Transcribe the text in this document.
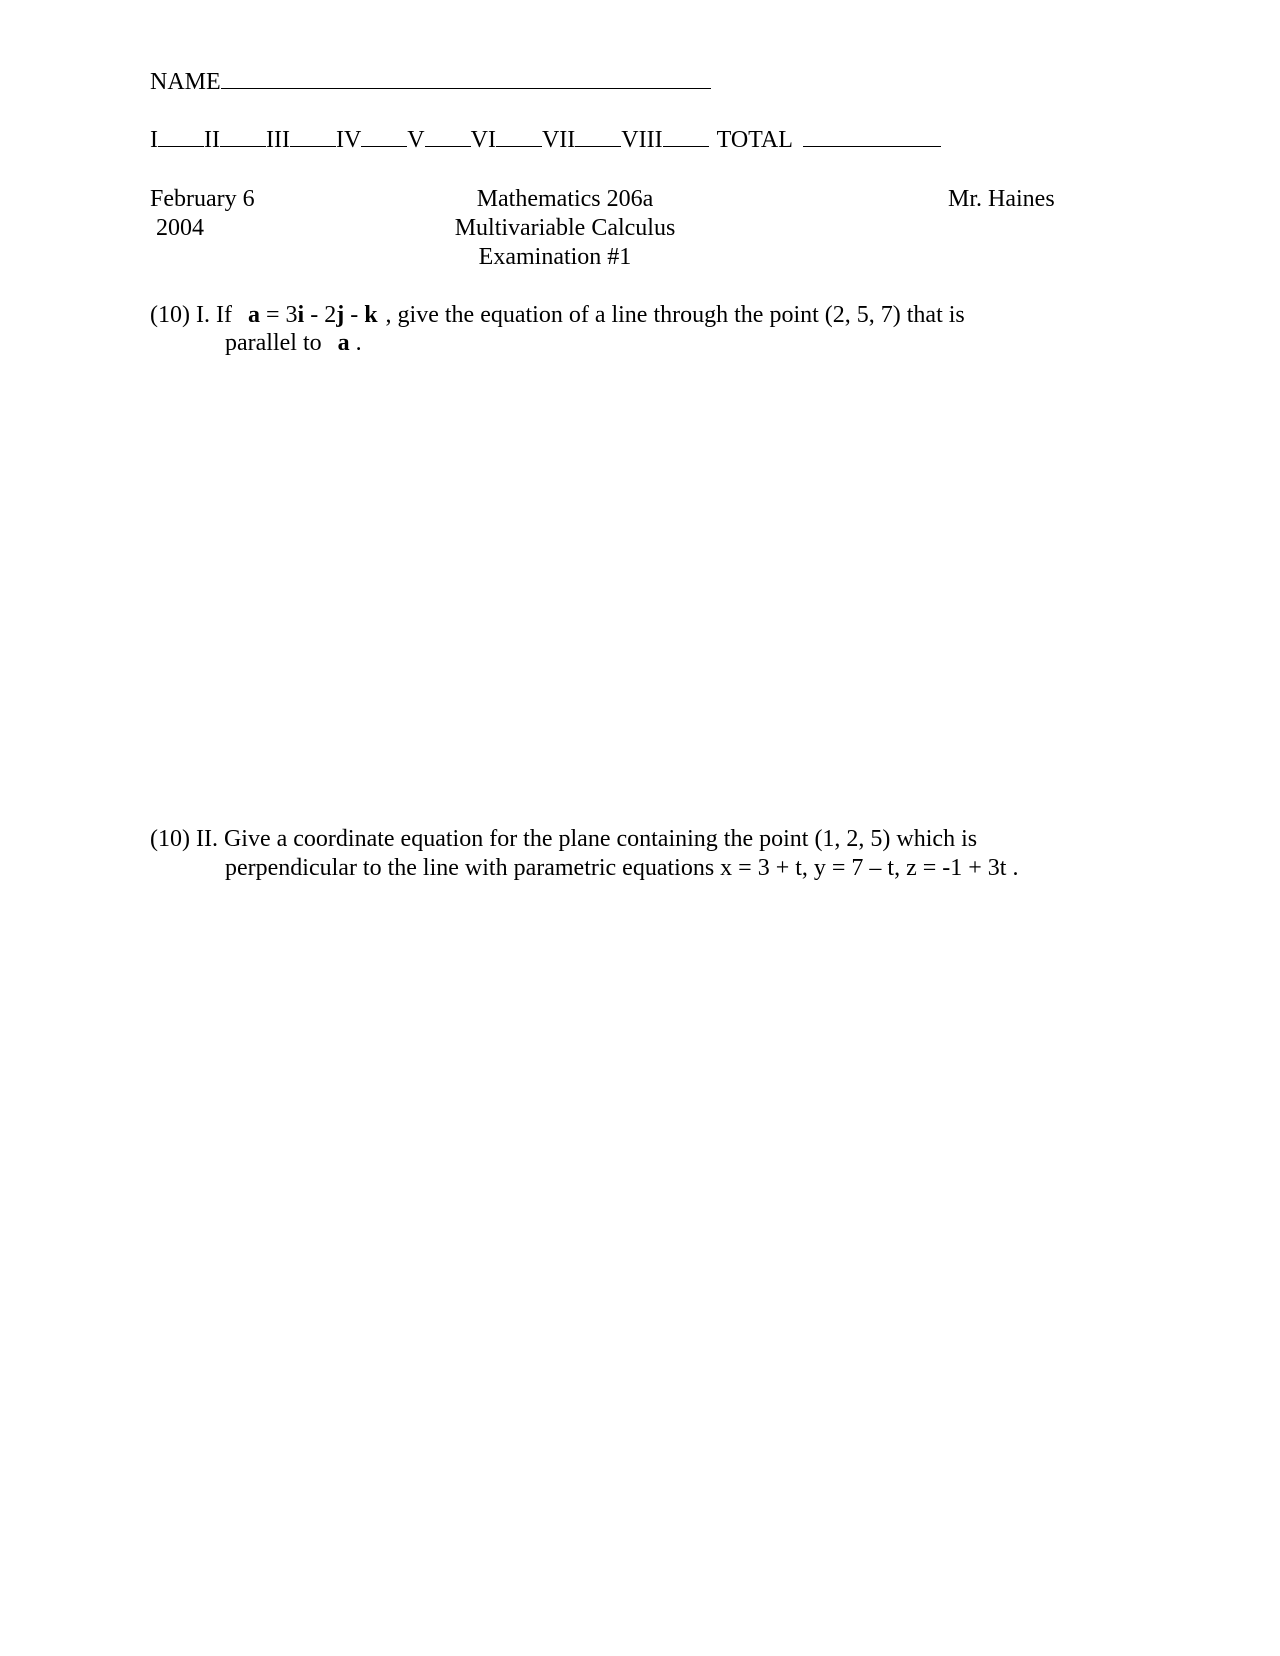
NAME
I II III IV V VI VII VIII TOTAL
February 6
2004
Mathematics 206a
Multivariable Calculus
Examination #1
Mr. Haines
(10) I. If a = 3i - 2j - k , give the equation of a line through the point (2, 5, 7) that is
parallel to a .
(10) II. Give a coordinate equation for the plane containing the point (1, 2, 5) which is
perpendicular to the line with parametric equations x = 3 + t, y = 7 – t, z = -1 + 3t .
